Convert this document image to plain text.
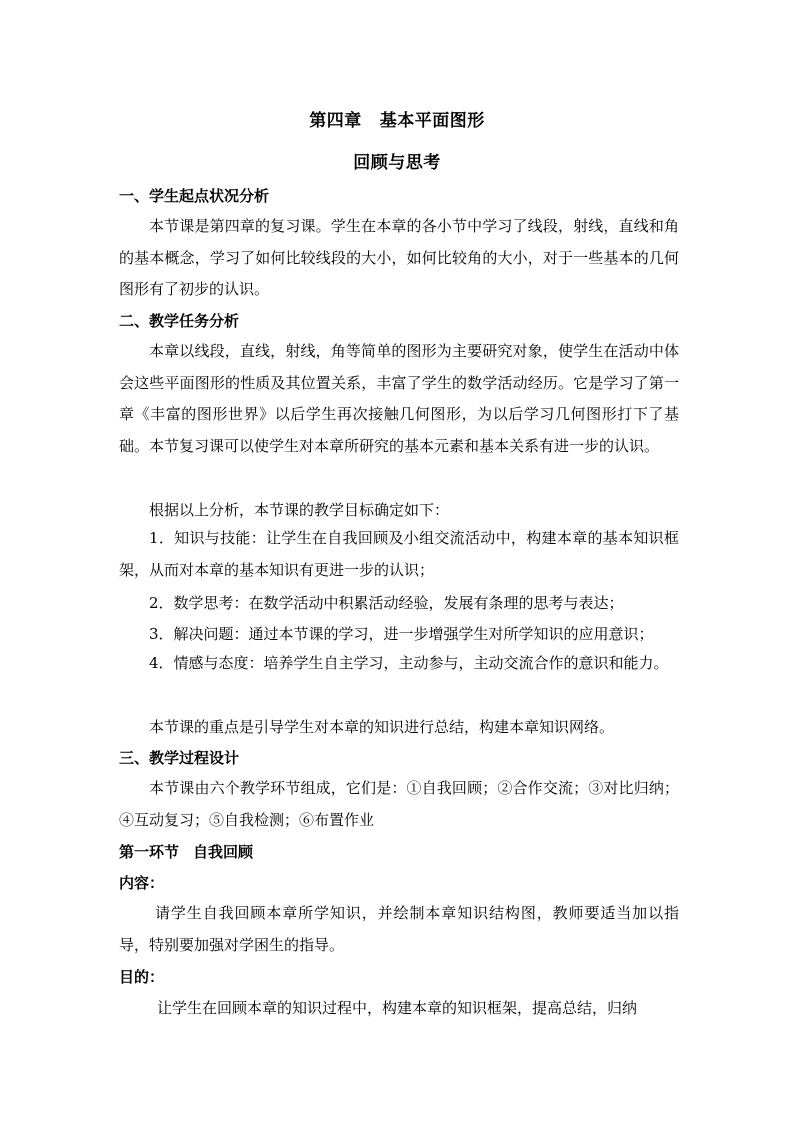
第四章 基本平面图形
回顾与思考
一、学生起点状况分析
本节课是第四章的复习课。学生在本章的各小节中学习了线段，射线，直线和角的基本概念，学习了如何比较线段的大小，如何比较角的大小，对于一些基本的几何图形有了初步的认识。
二、教学任务分析
本章以线段，直线，射线，角等简单的图形为主要研究对象，使学生在活动中体会这些平面图形的性质及其位置关系，丰富了学生的数学活动经历。它是学习了第一章《丰富的图形世界》以后学生再次接触几何图形，为以后学习几何图形打下了基础。本节复习课可以使学生对本章所研究的基本元素和基本关系有进一步的认识。
根据以上分析，本节课的教学目标确定如下：
1．知识与技能：让学生在自我回顾及小组交流活动中，构建本章的基本知识框架，从而对本章的基本知识有更进一步的认识；
2．数学思考：在数学活动中积累活动经验，发展有条理的思考与表达；
3．解决问题：通过本节课的学习，进一步增强学生对所学知识的应用意识；
4．情感与态度：培养学生自主学习，主动参与，主动交流合作的意识和能力。
本节课的重点是引导学生对本章的知识进行总结，构建本章知识网络。
三、教学过程设计
本节课由六个教学环节组成，它们是：①自我回顾；②合作交流；③对比归纳；④互动复习；⑤自我检测；⑥布置作业
第一环节 自我回顾
内容：
请学生自我回顾本章所学知识，并绘制本章知识结构图，教师要适当加以指导，特别要加强对学困生的指导。
目的：
让学生在回顾本章的知识过程中，构建本章的知识框架，提高总结，归纳
